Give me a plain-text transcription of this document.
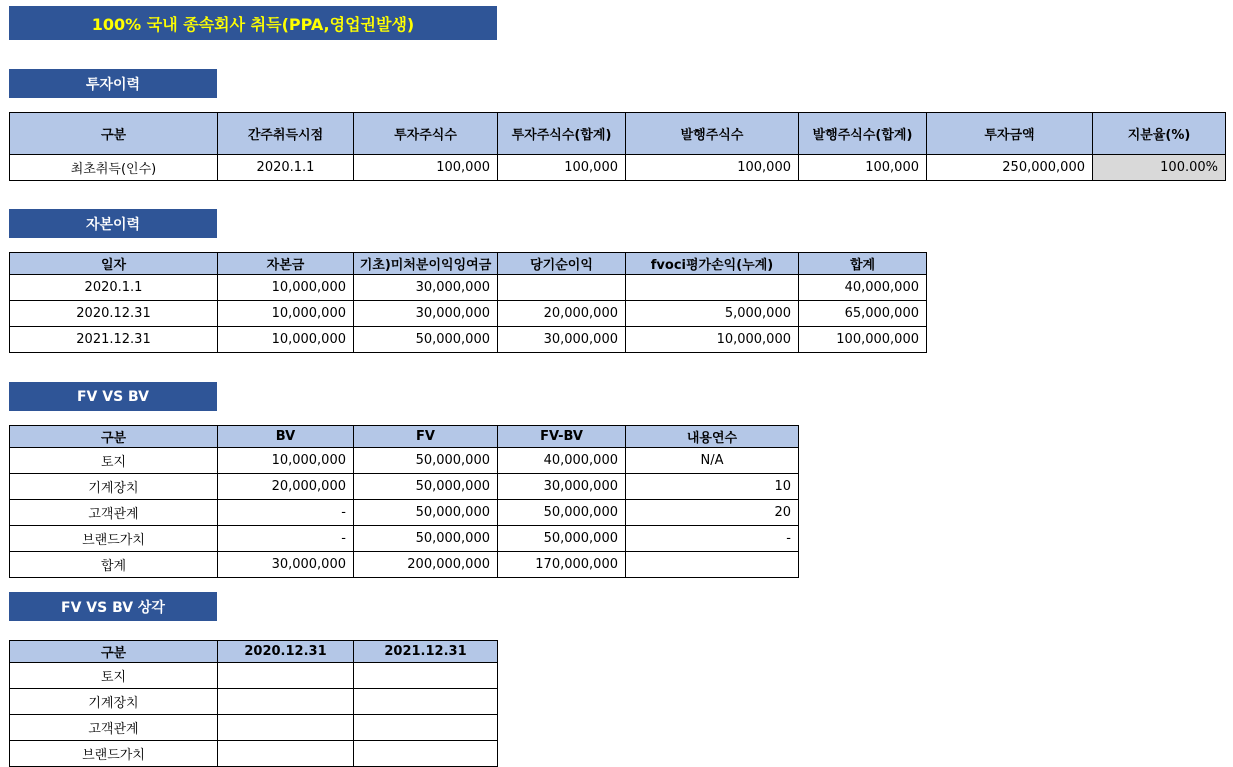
100% 국내 종속회사 취득(PPA,영업권발생)
투자이력
구분	간주취득시점	투자주식수	투자주식수(합계)	발행주식수	발행주식수(합계)	투자금액	지분율(%)
최초취득(인수)	2020.1.1	100,000	100,000	100,000	100,000	250,000,000	100.00%
자본이력
일자	자본금	기초)미처분이익잉여금	당기순이익	fvoci평가손익(누계)	합계
2020.1.1	10,000,000	30,000,000			40,000,000
2020.12.31	10,000,000	30,000,000	20,000,000	5,000,000	65,000,000
2021.12.31	10,000,000	50,000,000	30,000,000	10,000,000	100,000,000
FV VS BV
구분	BV	FV	FV-BV	내용연수
토지	10,000,000	50,000,000	40,000,000	N/A
기계장치	20,000,000	50,000,000	30,000,000	10
고객관계	-	50,000,000	50,000,000	20
브랜드가치	-	50,000,000	50,000,000	-
합계	30,000,000	200,000,000	170,000,000	
FV VS BV 상각
구분	2020.12.31	2021.12.31
토지		
기계장치		
고객관계		
브랜드가치		
